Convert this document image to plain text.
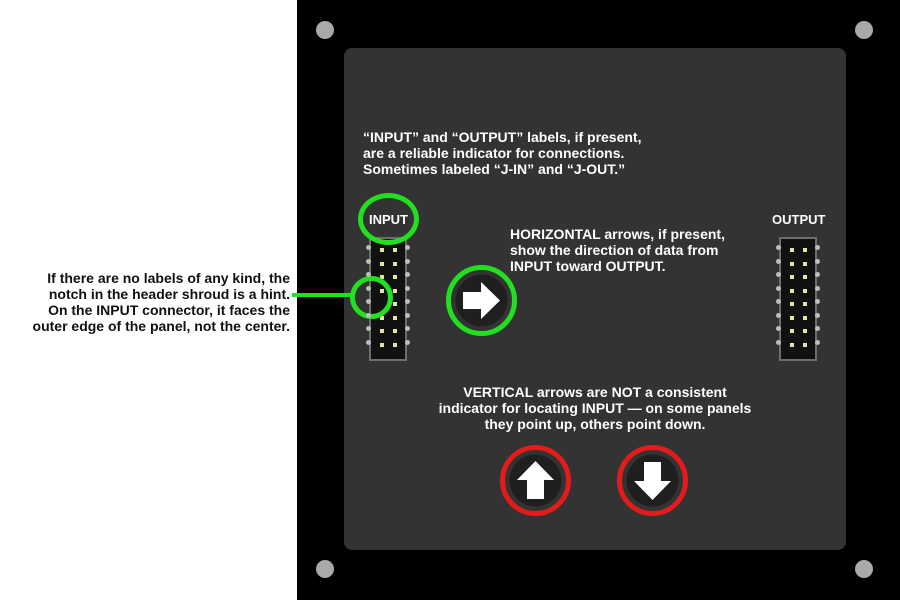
If there are no labels of any kind, the
notch in the header shroud is a hint.
On the INPUT connector, it faces the
outer edge of the panel, not the center.
“INPUT” and “OUTPUT” labels, if present,
are a reliable indicator for connections.
Sometimes labeled “J-IN” and “J-OUT.”
HORIZONTAL arrows, if present,
show the direction of data from
INPUT toward OUTPUT.
VERTICAL arrows are NOT a consistent
indicator for locating INPUT — on some panels
they point up, others point down.
INPUT	OUTPUT
